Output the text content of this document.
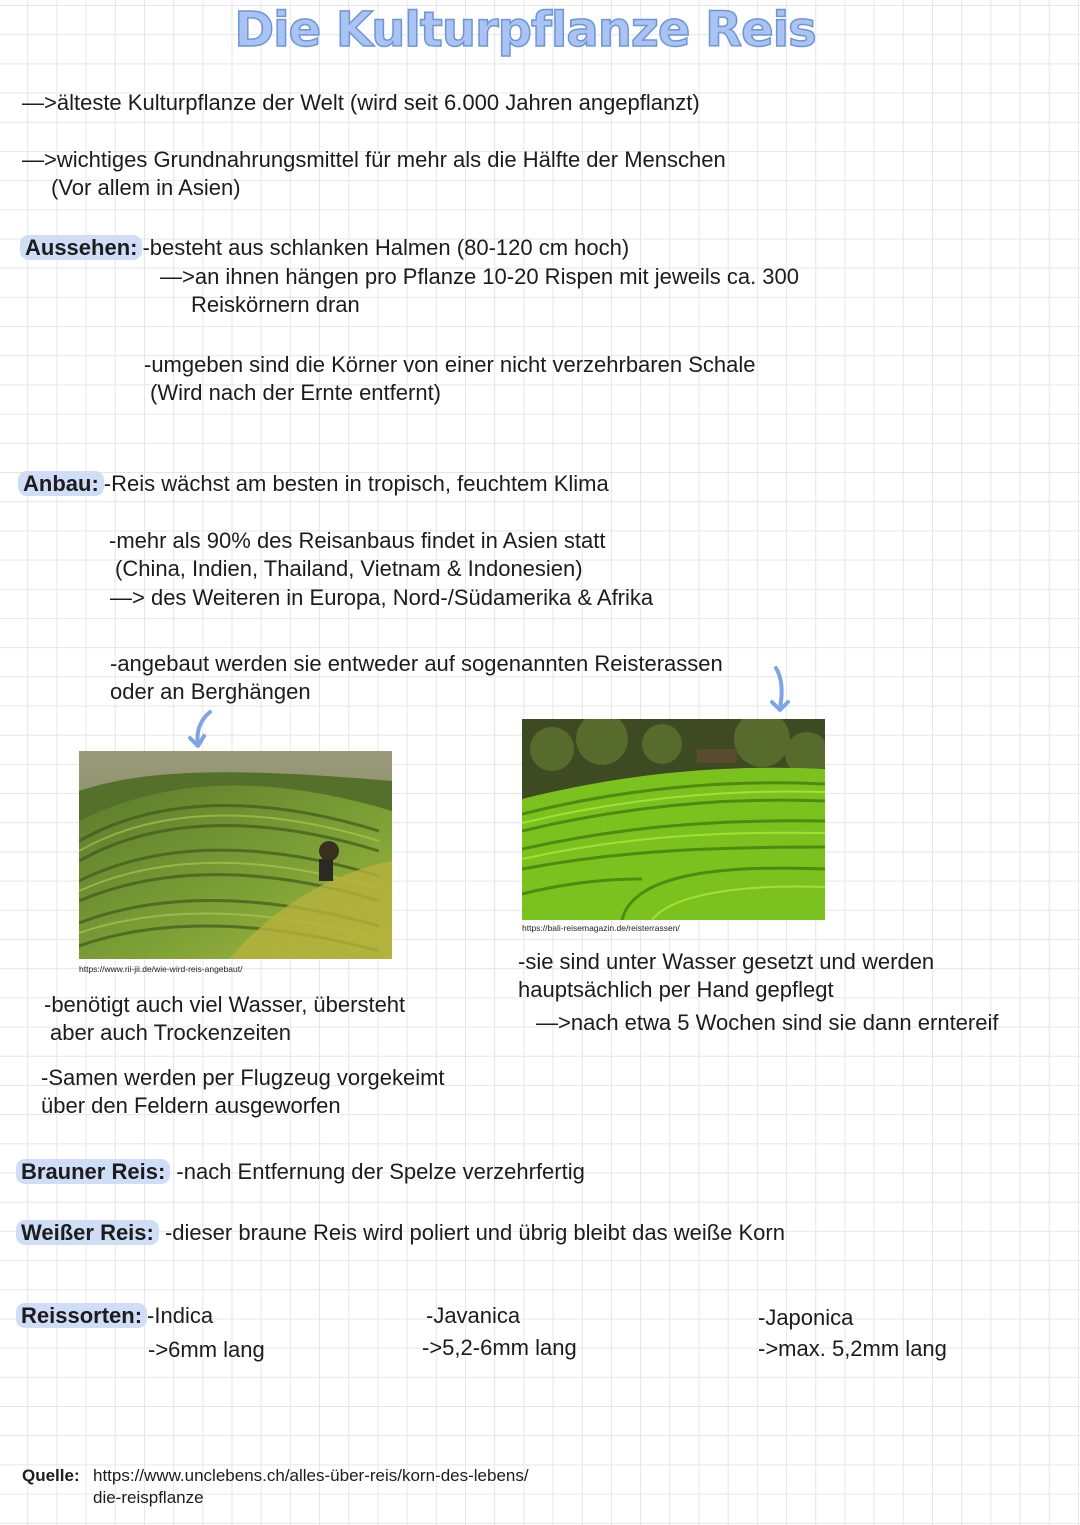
Die Kulturpflanze Reis

—>älteste Kulturpflanze der Welt (wird seit 6.000 Jahren angepflanzt)

—>wichtiges Grundnahrungsmittel für mehr als die Hälfte der Menschen

(Vor allem in Asien)

Aussehen: -besteht aus schlanken Halmen (80-120 cm hoch)

—>an ihnen hängen pro Pflanze 10-20 Rispen mit jeweils ca. 300

Reiskörnern dran

-umgeben sind die Körner von einer nicht verzehrbaren Schale

(Wird nach der Ernte entfernt)

Anbau: -Reis wächst am besten in tropisch, feuchtem Klima

-mehr als 90% des Reisanbaus findet in Asien statt

(China, Indien, Thailand, Vietnam & Indonesien)

—> des Weiteren in Europa, Nord-/Südamerika & Afrika

-angebaut werden sie entweder auf sogenannten Reisterassen

oder an Berghängen

https://www.rii-jii.de/wie-wird-reis-angebaut/
https://bali-reisemagazin.de/reisterrassen/

-benötigt auch viel Wasser, übersteht

aber auch Trockenzeiten

-Samen werden per Flugzeug vorgekeimt

über den Feldern ausgeworfen

-sie sind unter Wasser gesetzt und werden

hauptsächlich per Hand gepflegt

—>nach etwa 5 Wochen sind sie dann erntereif

Brauner Reis: -nach Entfernung der Spelze verzehrfertig

Weißer Reis: -dieser braune Reis wird poliert und übrig bleibt das weiße Korn

Reissorten: -Indica

->6mm lang

-Javanica

->5,2-6mm lang

-Japonica

->max. 5,2mm lang

Quelle: https://www.unclebens.ch/alles-über-reis/korn-des-lebens/

die-reispflanze
